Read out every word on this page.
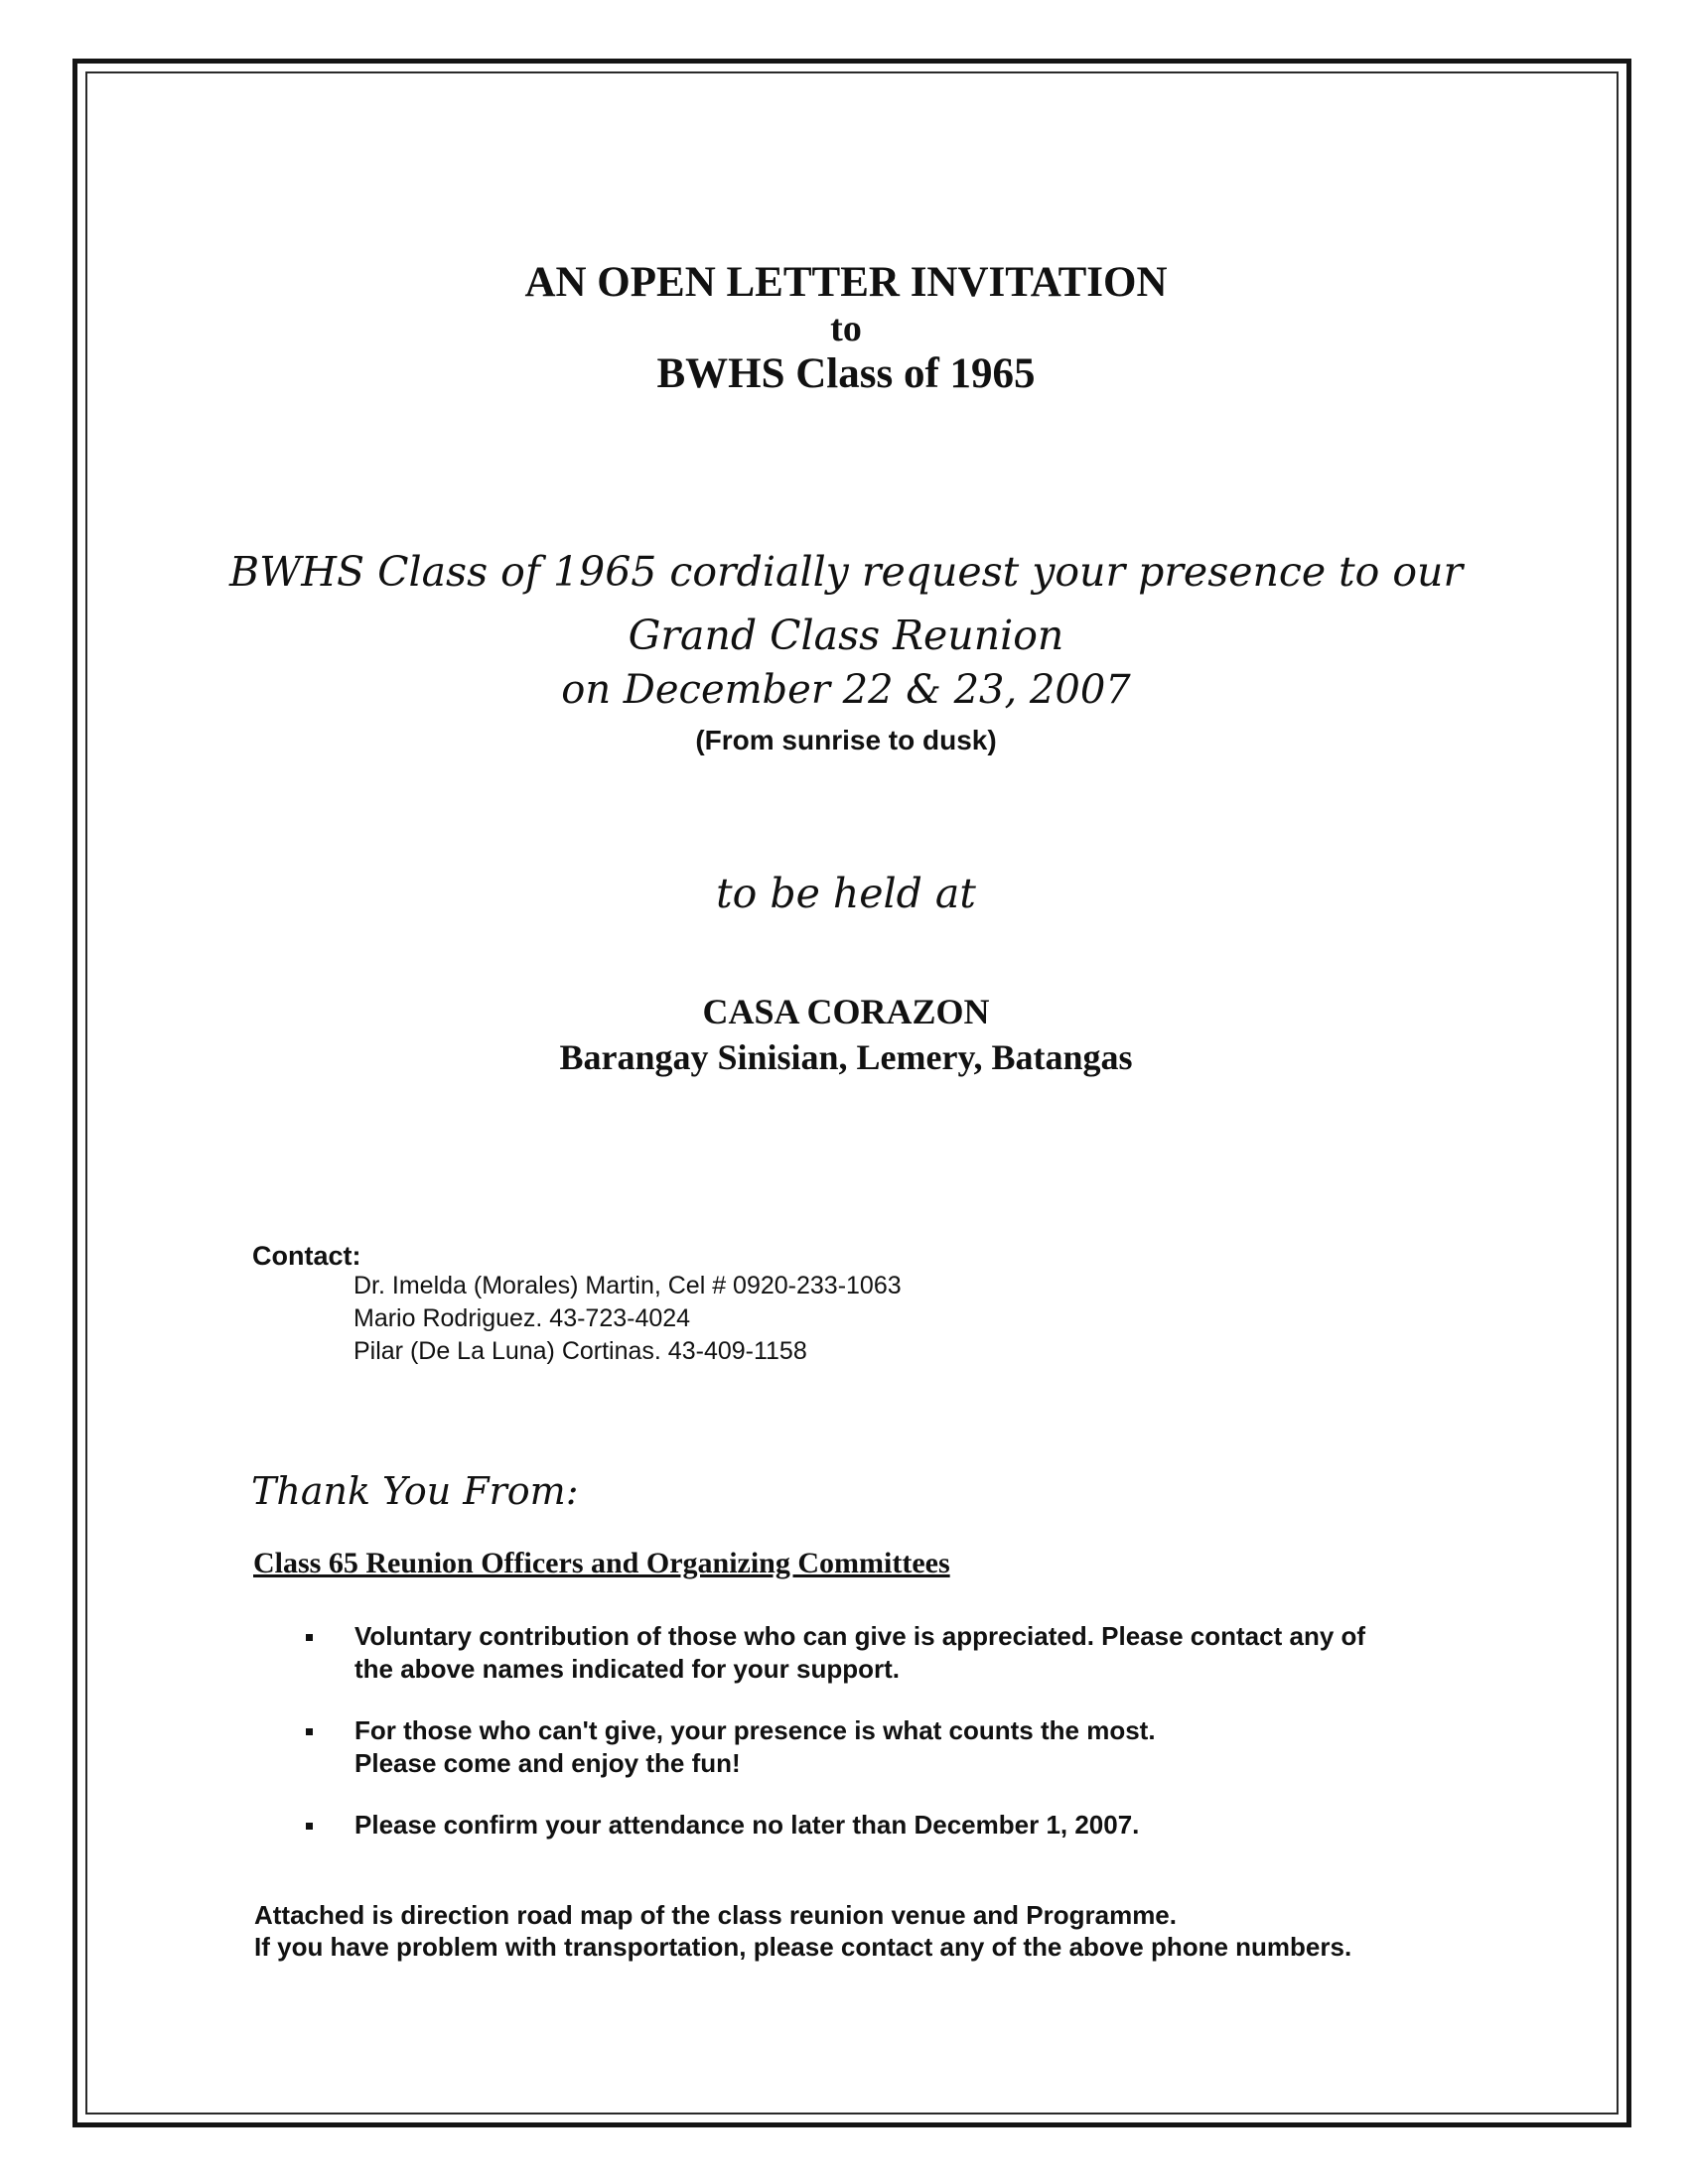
AN OPEN LETTER INVITATION
to
BWHS Class of 1965
BWHS Class of 1965 cordially request your presence to our
Grand Class Reunion
on December 22 & 23, 2007
(From sunrise to dusk)
to be held at
CASA CORAZON
Barangay Sinisian, Lemery, Batangas
Contact:
Dr. Imelda (Morales) Martin, Cel # 0920-233-1063
Mario Rodriguez. 43-723-4024
Pilar (De La Luna) Cortinas. 43-409-1158
Thank You From:
Class 65 Reunion Officers and Organizing Committees
Voluntary contribution of those who can give is appreciated. Please contact any of
the above names indicated for your support.
For those who can't give, your presence is what counts the most.
Please come and enjoy the fun!
Please confirm your attendance no later than December 1, 2007.
Attached is direction road map of the class reunion venue and Programme.
If you have problem with transportation, please contact any of the above phone numbers.
